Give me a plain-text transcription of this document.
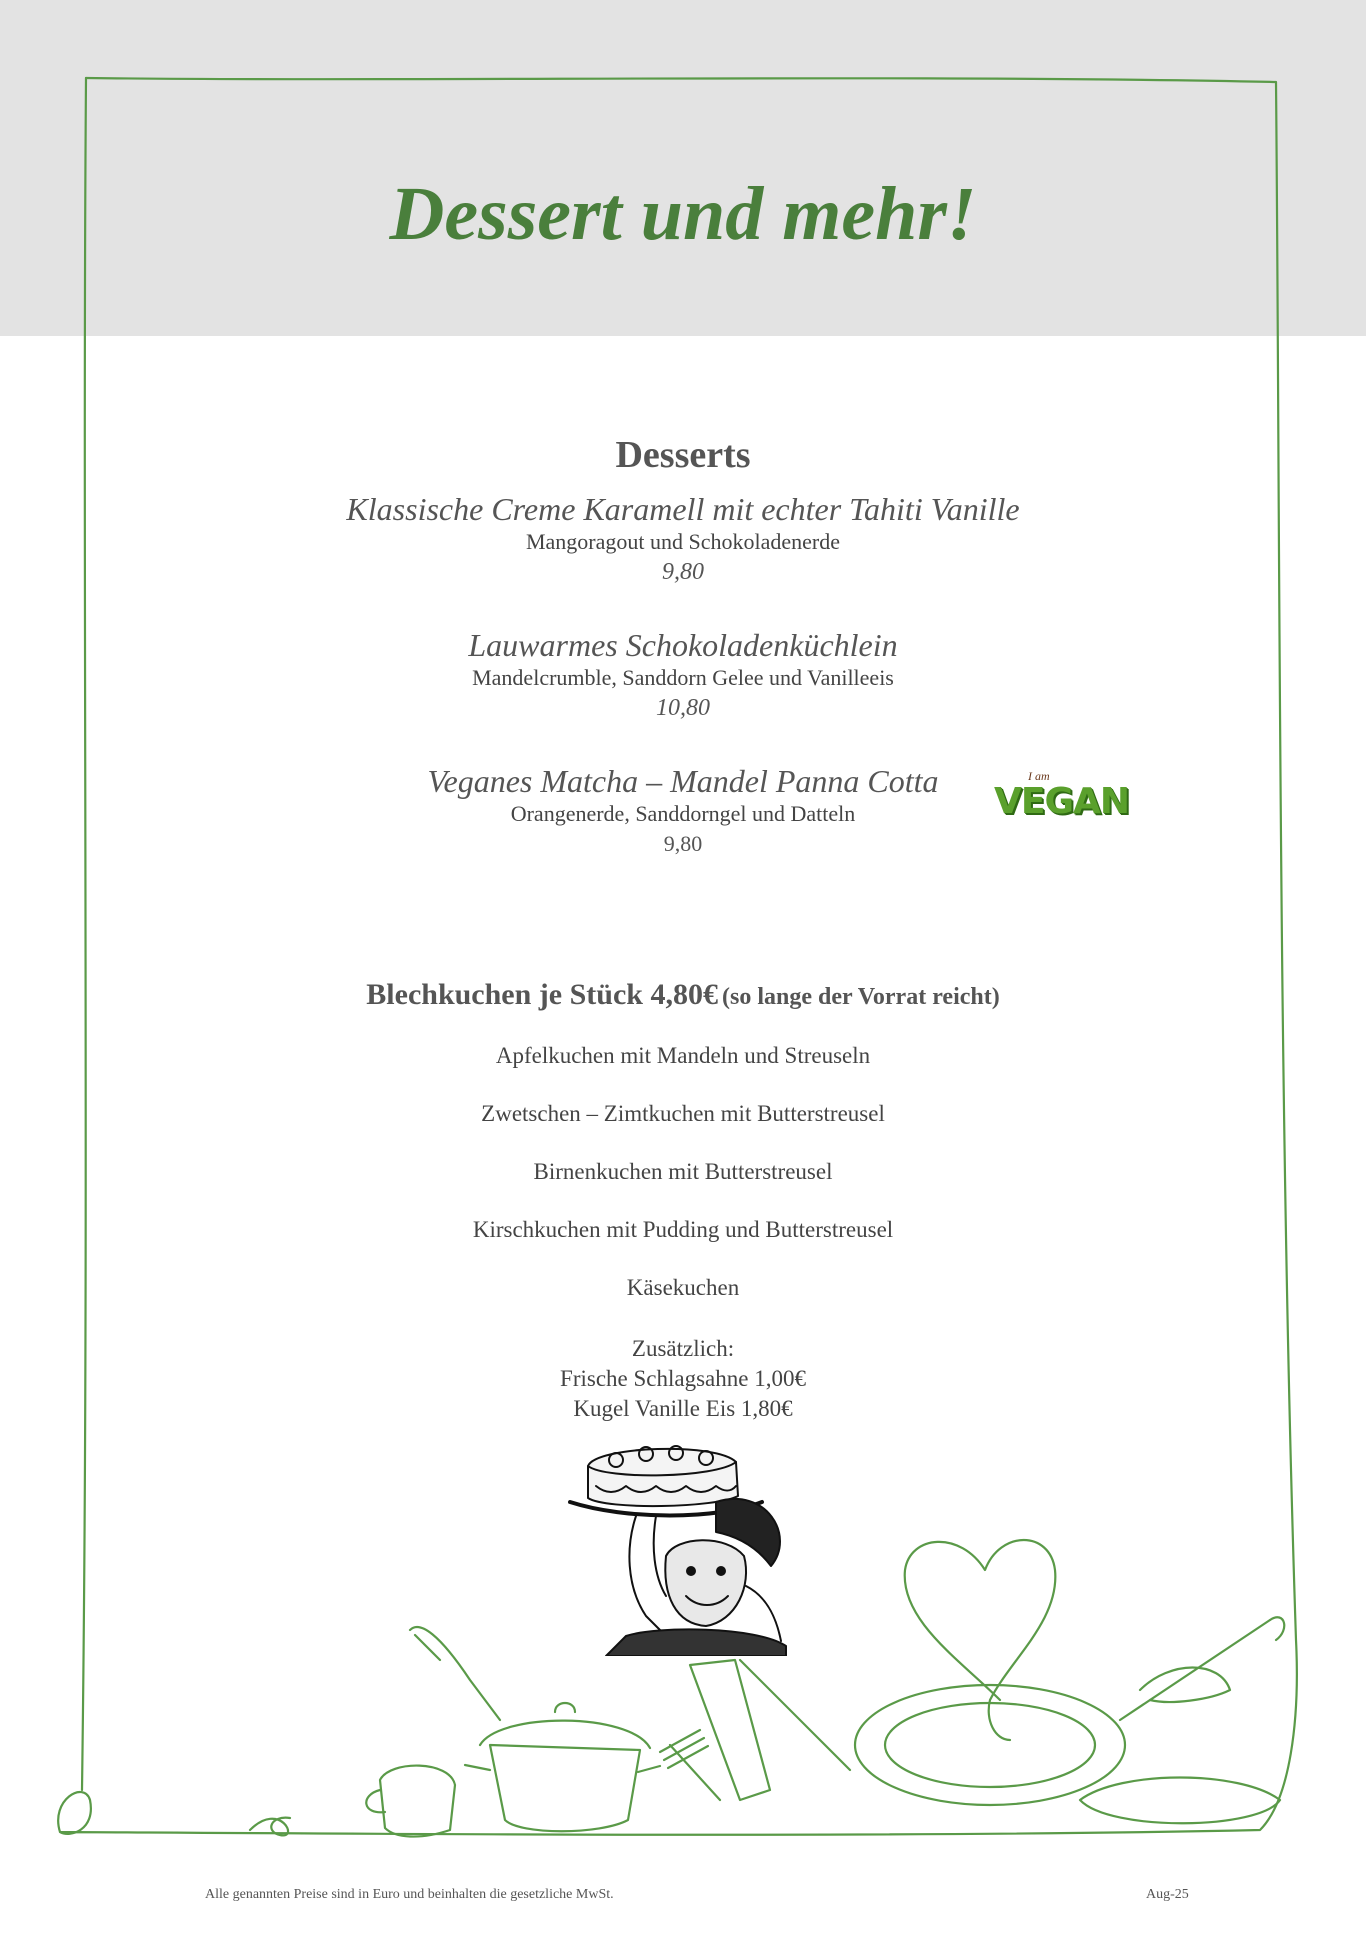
Dessert und mehr!
Desserts
Klassische Creme Karamell mit echter Tahiti Vanille
Mangoragout und Schokoladenerde
9,80
Lauwarmes Schokoladenküchlein
Mandelcrumble, Sanddorn Gelee und Vanilleeis
10,80
Veganes Matcha – Mandel Panna Cotta
Orangenerde, Sanddorngel und Datteln
9,80
I am
VEGAN
Blechkuchen je Stück 4,80€ (so lange der Vorrat reicht)
Apfelkuchen mit Mandeln und Streuseln
Zwetschen – Zimtkuchen mit Butterstreusel
Birnenkuchen mit Butterstreusel
Kirschkuchen mit Pudding und Butterstreusel
Käsekuchen
Zusätzlich:
Frische Schlagsahne 1,00€
Kugel Vanille Eis 1,80€
Alle genannten Preise sind in Euro und beinhalten die gesetzliche MwSt.	Aug-25
